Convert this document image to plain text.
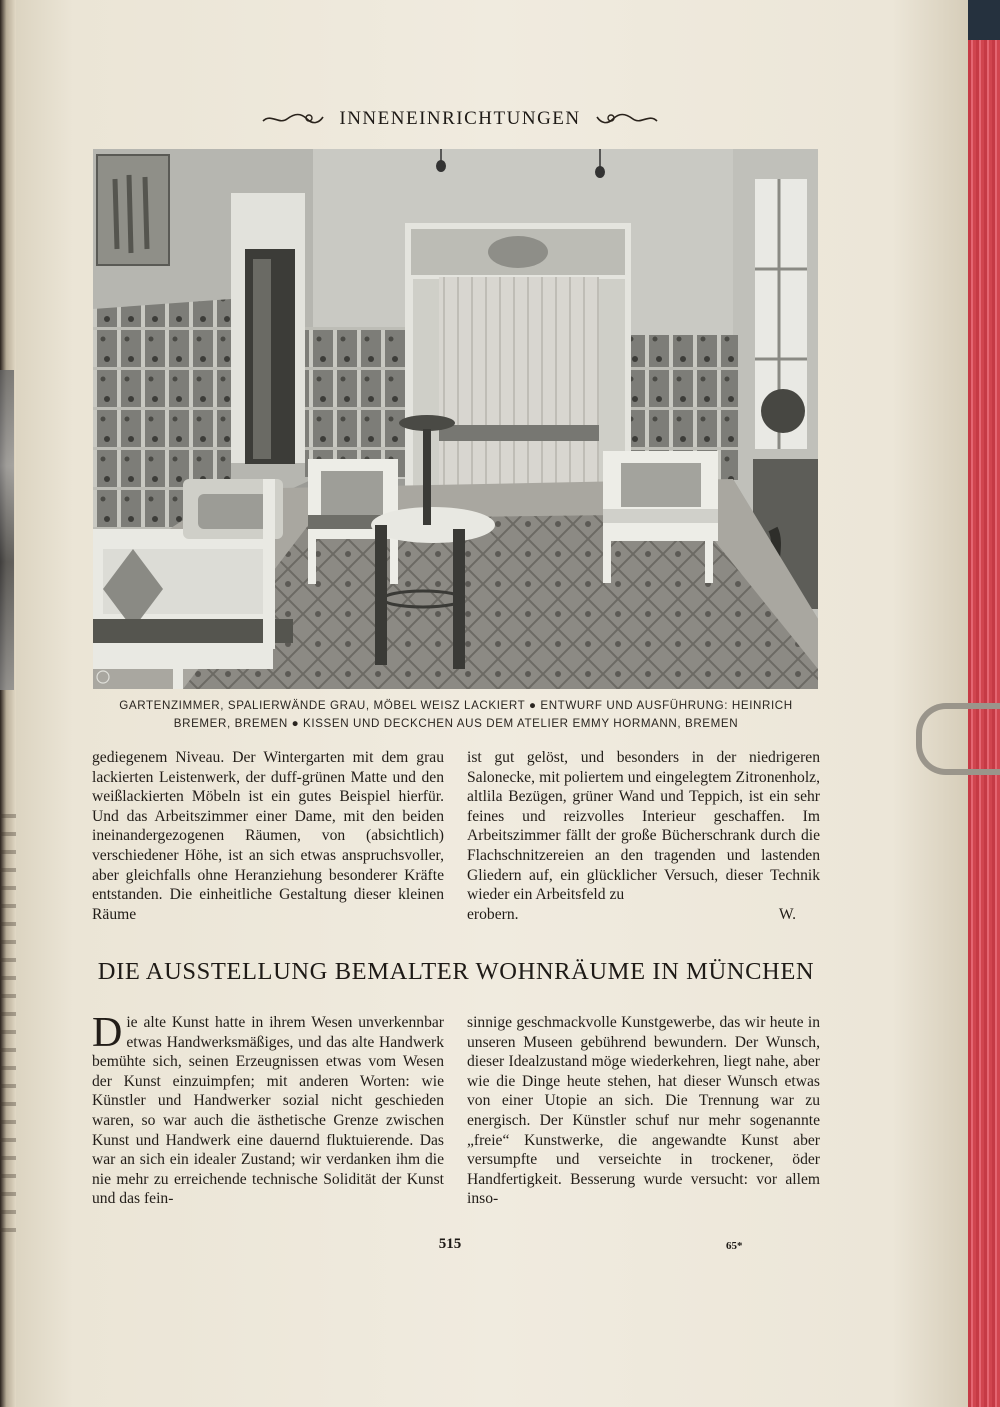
INNENEINRICHTUNGEN
GARTENZIMMER, SPALIERWÄNDE GRAU, MÖBEL WEISZ LACKIERT ● ENTWURF UND AUSFÜHRUNG: HEINRICH
BREMER, BREMEN ● KISSEN UND DECKCHEN AUS DEM ATELIER EMMY HORMANN, BREMEN

gediegenem Niveau. Der Wintergarten mit dem grau lackierten Leistenwerk, der duff-grünen Matte und den weißlackierten Möbeln ist ein gutes Beispiel hierfür. Und das Arbeitszimmer einer Dame, mit den beiden ineinandergezogenen Räumen, von (absichtlich) verschiedener Höhe, ist an sich etwas anspruchsvoller, aber gleichfalls ohne Heranziehung besonderer Kräfte entstanden. Die einheitliche Gestaltung dieser kleinen Räume

ist gut gelöst, und besonders in der niedrigeren Salonecke, mit poliertem und eingelegtem Zitronenholz, altlila Bezügen, grüner Wand und Teppich, ist ein sehr feines und reizvolles Interieur geschaffen. Im Arbeitszimmer fällt der große Bücherschrank durch die Flachschnitzereien an den tragenden und lastenden Gliedern auf, ein glücklicher Versuch, dieser Technik wieder ein Arbeitsfeld zu

erobern.	W.
DIE AUSSTELLUNG BEMALTER WOHNRÄUME IN MÜNCHEN
D ie alte Kunst hatte in ihrem Wesen unverkennbar etwas Handwerksmäßiges, und das alte Handwerk bemühte sich, seinen Erzeugnissen etwas vom Wesen der Kunst einzuimpfen; mit anderen Worten: wie Künstler und Handwerker sozial nicht geschieden waren, so war auch die ästhetische Grenze zwischen Kunst und Handwerk eine dauernd fluktuierende. Das war an sich ein idealer Zustand; wir verdanken ihm die nie mehr zu erreichende technische Solidität der Kunst und das fein-

sinnige geschmackvolle Kunstgewerbe, das wir heute in unseren Museen gebührend bewundern. Der Wunsch, dieser Idealzustand möge wiederkehren, liegt nahe, aber wie die Dinge heute stehen, hat dieser Wunsch etwas von einer Utopie an sich. Die Trennung war zu energisch. Der Künstler schuf nur mehr sogenannte „freie“ Kunstwerke, die angewandte Kunst aber versumpfte und verseichte in trockener, öder Handfertigkeit. Besserung wurde versucht: vor allem inso-

515	65*
